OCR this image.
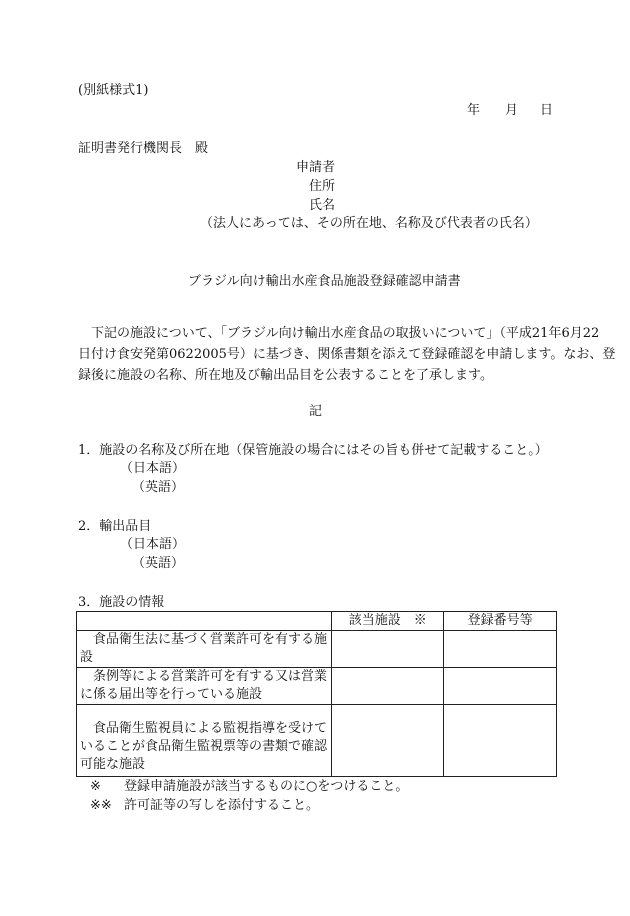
(別紙様式1)
年 月 日
証明書発行機関長　殿
申請者
住所
氏名
（法人にあっては、その所在地、名称及び代表者の氏名）
ブラジル向け輸出水産食品施設登録確認申請書
　下記の施設について、「ブラジル向け輸出水産食品の取扱いについて」（平成21年6月22
日付け食安発第0622005号）に基づき、関係書類を添えて登録確認を申請します。なお、登
録後に施設の名称、所在地及び輸出品目を公表することを了承します。
記
1．施設の名称及び所在地（保管施設の場合にはその旨も併せて記載すること。）
（日本語）
（英語）
2．輸出品目
（日本語）
（英語）
3．施設の情報
	該当施設　※	登録番号等
　食品衛生法に基づく営業許可を有する施設		
　条例等による営業許可を有する又は営業に係る届出等を行っている施設		
　食品衛生監視員による監視指導を受けていることが食品衛生監視票等の書類で確認可能な施設		
※ 登録申請施設が該当するものに○をつけること。
※※ 許可証等の写しを添付すること。
